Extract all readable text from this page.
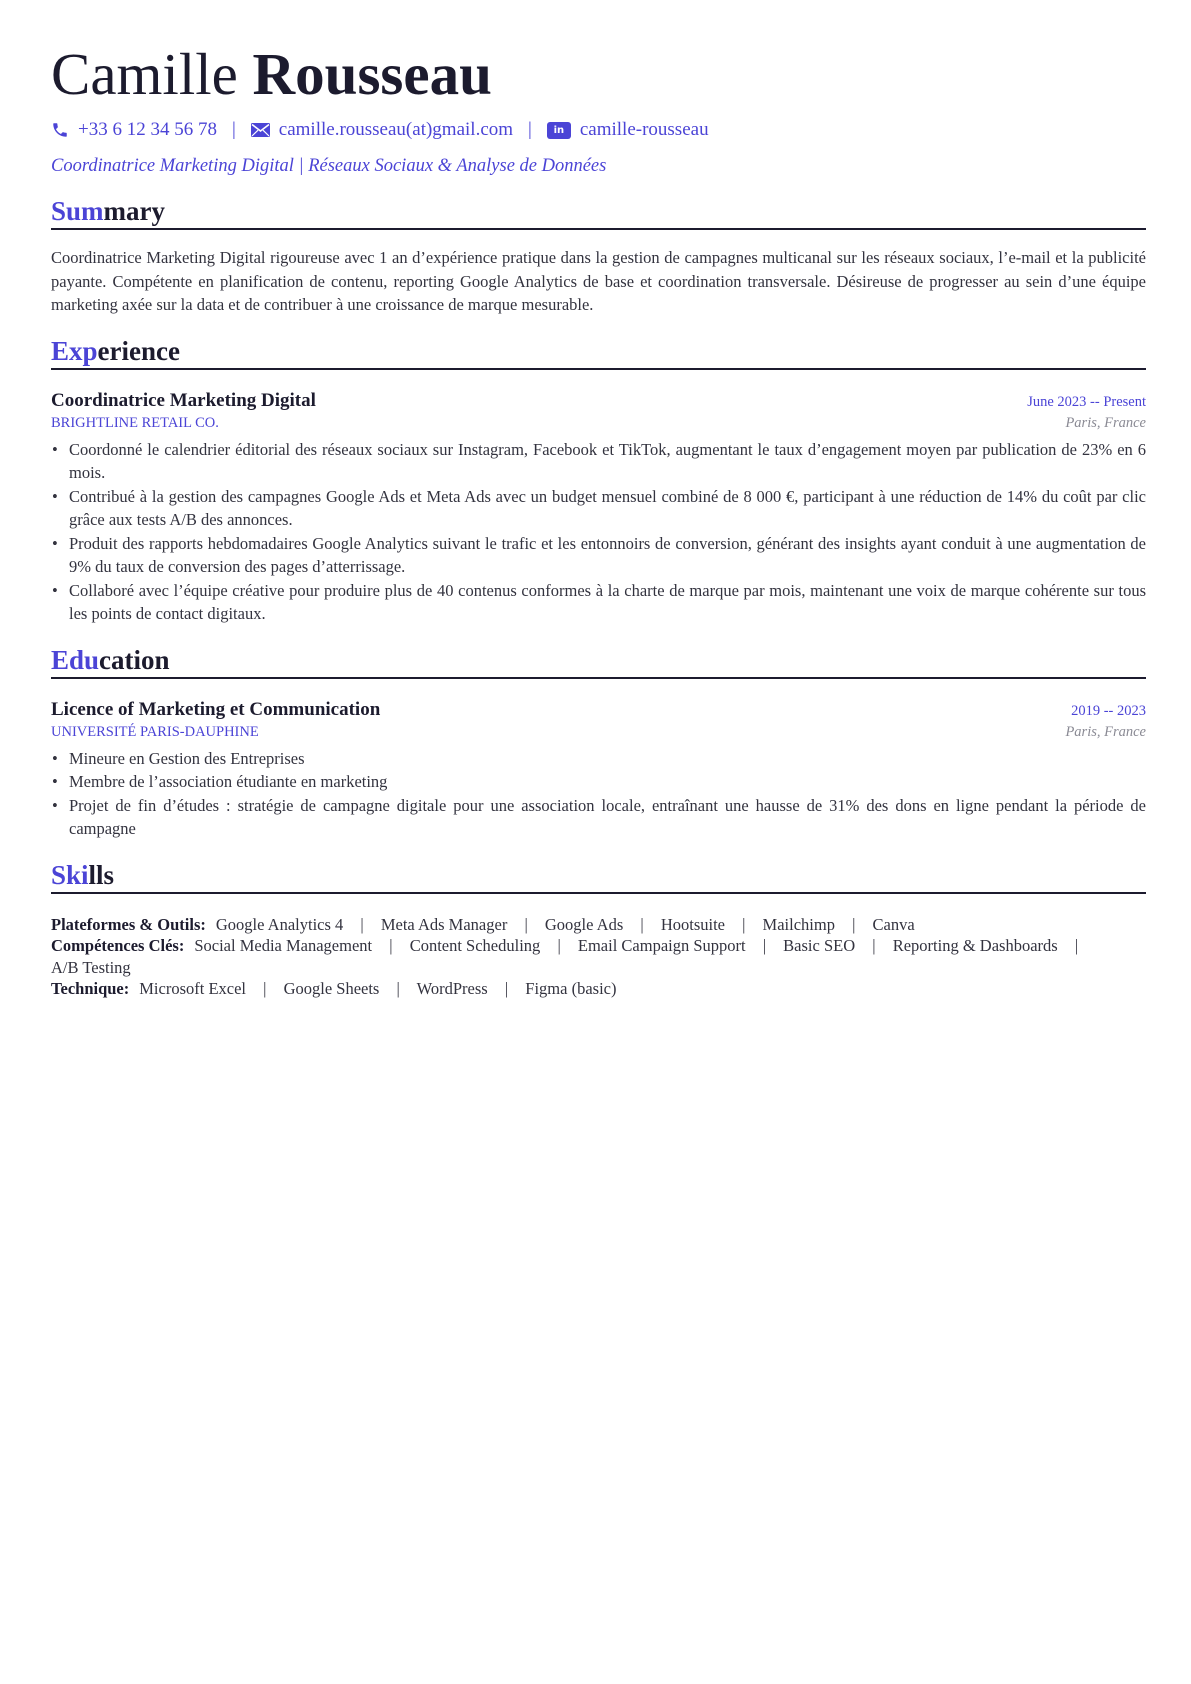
Camille Rousseau
+33 6 12 34 56 78 | camille.rousseau(at)gmail.com |	in camille-rousseau
Coordinatrice Marketing Digital | Réseaux Sociaux & Analyse de Données
Sum mary

Coordinatrice Marketing Digital rigoureuse avec 1 an d’expérience pratique dans la gestion de campagnes multicanal sur les réseaux sociaux, l’e-mail et la publicité payante. Compétente en planification de contenu, reporting Google Analytics de base et coordination transversale. Désireuse de progresser au sein d’une équipe marketing axée sur la data et de contribuer à une croissance de marque mesurable.

Exp erience
Coordinatrice Marketing Digital	June 2023 -- Present
BRIGHTLINE RETAIL CO.	Paris, France
• Coordonné le calendrier éditorial des réseaux sociaux sur Instagram, Facebook et TikTok, augmentant le taux d’engagement moyen par publication de 23% en 6 mois.
• Contribué à la gestion des campagnes Google Ads et Meta Ads avec un budget mensuel combiné de 8 000 €, participant à une réduction de 14% du coût par clic grâce aux tests A/B des annonces.
• Produit des rapports hebdomadaires Google Analytics suivant le trafic et les entonnoirs de conversion, générant des insights ayant conduit à une augmentation de 9% du taux de conversion des pages d’atterrissage.
• Collaboré avec l’équipe créative pour produire plus de 40 contenus conformes à la charte de marque par mois, maintenant une voix de marque cohérente sur tous les points de contact digitaux.
Edu cation
Licence of Marketing et Communication	2019 -- 2023
UNIVERSITÉ PARIS-DAUPHINE	Paris, France
• Mineure en Gestion des Entreprises
• Membre de l’association étudiante en marketing
• Projet de fin d’études : stratégie de campagne digitale pour une association locale, entraînant une hausse de 31% des dons en ligne pendant la période de campagne
Ski lls
Plateformes & Outils: Google Analytics 4 | Meta Ads Manager | Google Ads | Hootsuite | Mailchimp | Canva
Compétences Clés: Social Media Management | Content Scheduling | Email Campaign Support | Basic SEO | Reporting & Dashboards | A/B Testing
Technique: Microsoft Excel | Google Sheets | WordPress | Figma (basic)
